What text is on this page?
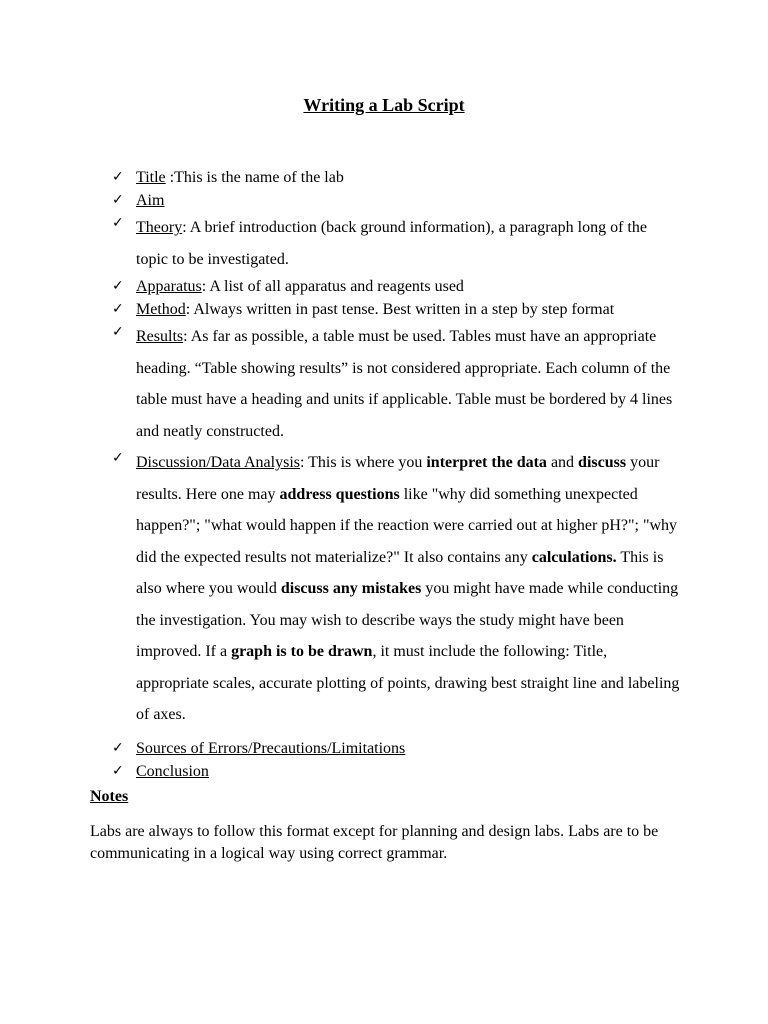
Writing a Lab Script
✓ Title :This is the name of the lab
✓ Aim
✓ Theory: A brief introduction (back ground information), a paragraph long of the topic to be investigated.
✓ Apparatus: A list of all apparatus and reagents used
✓ Method: Always written in past tense. Best written in a step by step format
✓ Results: As far as possible, a table must be used. Tables must have an appropriate heading. “Table showing results” is not considered appropriate. Each column of the table must have a heading and units if applicable. Table must be bordered by 4 lines and neatly constructed.
✓ Discussion/Data Analysis: This is where you interpret the data and discuss your results. Here one may address questions like "why did something unexpected happen?"; "what would happen if the reaction were carried out at higher pH?"; "why did the expected results not materialize?" It also contains any calculations. This is also where you would discuss any mistakes you might have made while conducting the investigation. You may wish to describe ways the study might have been improved. If a graph is to be drawn, it must include the following: Title, appropriate scales, accurate plotting of points, drawing best straight line and labeling of axes.
✓ Sources of Errors/Precautions/Limitations
✓ Conclusion
Notes
Labs are always to follow this format except for planning and design labs. Labs are to be communicating in a logical way using correct grammar.
